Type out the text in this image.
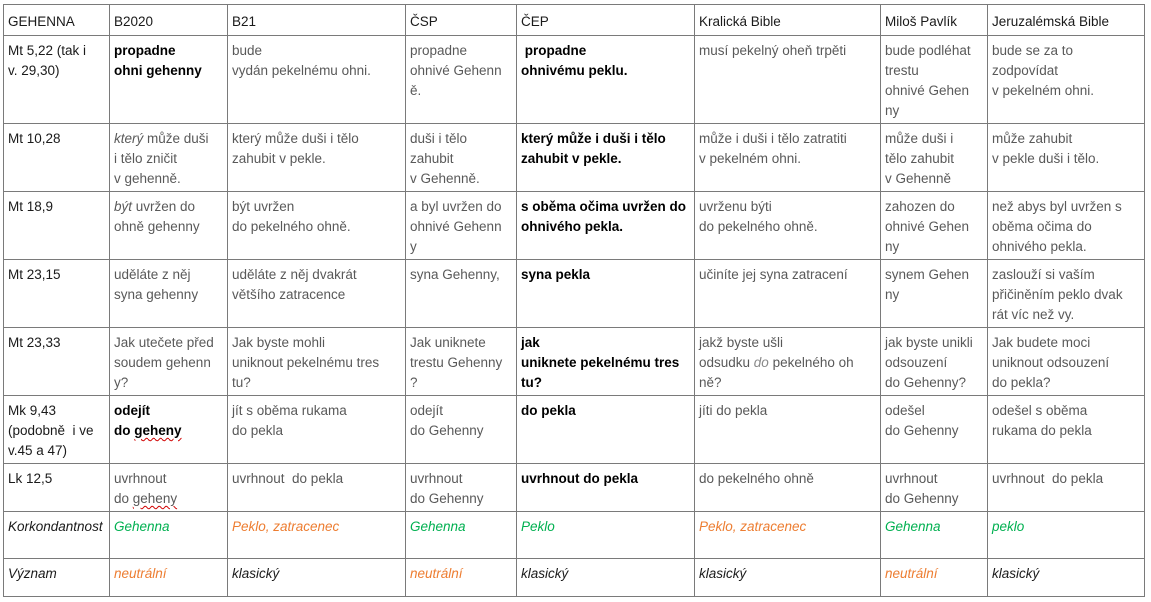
GEHENNA	B2020	B21	ČSP	ČEP	Kralická Bible	Miloš Pavlík	Jeruzalémská Bible
Mt 5,22 (tak i
v. 29,30)	propadne
ohni gehenny	bude
vydán pekelnému ohni.	propadne
ohnivé Gehenn
ě.	propadne
ohnivému peklu.	musí pekelný oheň trpěti	bude podléhat
trestu
ohnivé Gehen
ny	bude se za to
zodpovídat
v pekelném ohni.
Mt 10,28	který může duši
i tělo zničit
v gehenně.	který může duši i tělo
zahubit v pekle.	duši i tělo
zahubit
v Gehenně.	který může i duši i tělo
zahubit v pekle.	může i duši i tělo zatratiti
v pekelném ohni.	může duši i
tělo zahubit
v Gehenně	může zahubit
v pekle duši i tělo.
Mt 18,9	být uvržen do
ohně gehenny	být uvržen
do pekelného ohně.	a byl uvržen do
ohnivé Gehenn
y	s oběma očima uvržen do
ohnivého pekla.	uvrženu býti
do pekelného ohně.	zahozen do
ohnivé Gehen
ny	než abys byl uvržen s
oběma očima do
ohnivého pekla.
Mt 23,15	uděláte z něj
syna gehenny	uděláte z něj dvakrát
většího zatracence	syna Gehenny,	syna pekla	učiníte jej syna zatracení	synem Gehen
ny	zaslouží si vaším
přičiněním peklo dvak
rát víc než vy.
Mt 23,33	Jak utečete před
soudem gehenn
y?	Jak byste mohli
uniknout pekelnému tres
tu?	Jak uniknete
trestu Gehenny
?	jak
uniknete pekelnému tres
tu?	jakž byste ušli
odsudku do pekelného oh
ně?	jak byste unikli
odsouzení
do Gehenny?	Jak budete moci
uniknout odsouzení
do pekla?
Mk 9,43
(podobně  i ve
v.45 a 47)	odejít
do geheny	jít s oběma rukama
do pekla	odejít
do Gehenny	do pekla	jíti do pekla	odešel
do Gehenny	odešel s oběma
rukama do pekla
Lk 12,5	uvrhnout
do geheny	uvrhnout  do pekla	uvrhnout
do Gehenny	uvrhnout do pekla	do pekelného ohně	uvrhnout
do Gehenny	uvrhnout  do pekla
Korkondantnost	Gehenna	Peklo, zatracenec	Gehenna	Peklo	Peklo, zatracenec	Gehenna	peklo
Význam	neutrální	klasický	neutrální	klasický	klasický	neutrální	klasický
